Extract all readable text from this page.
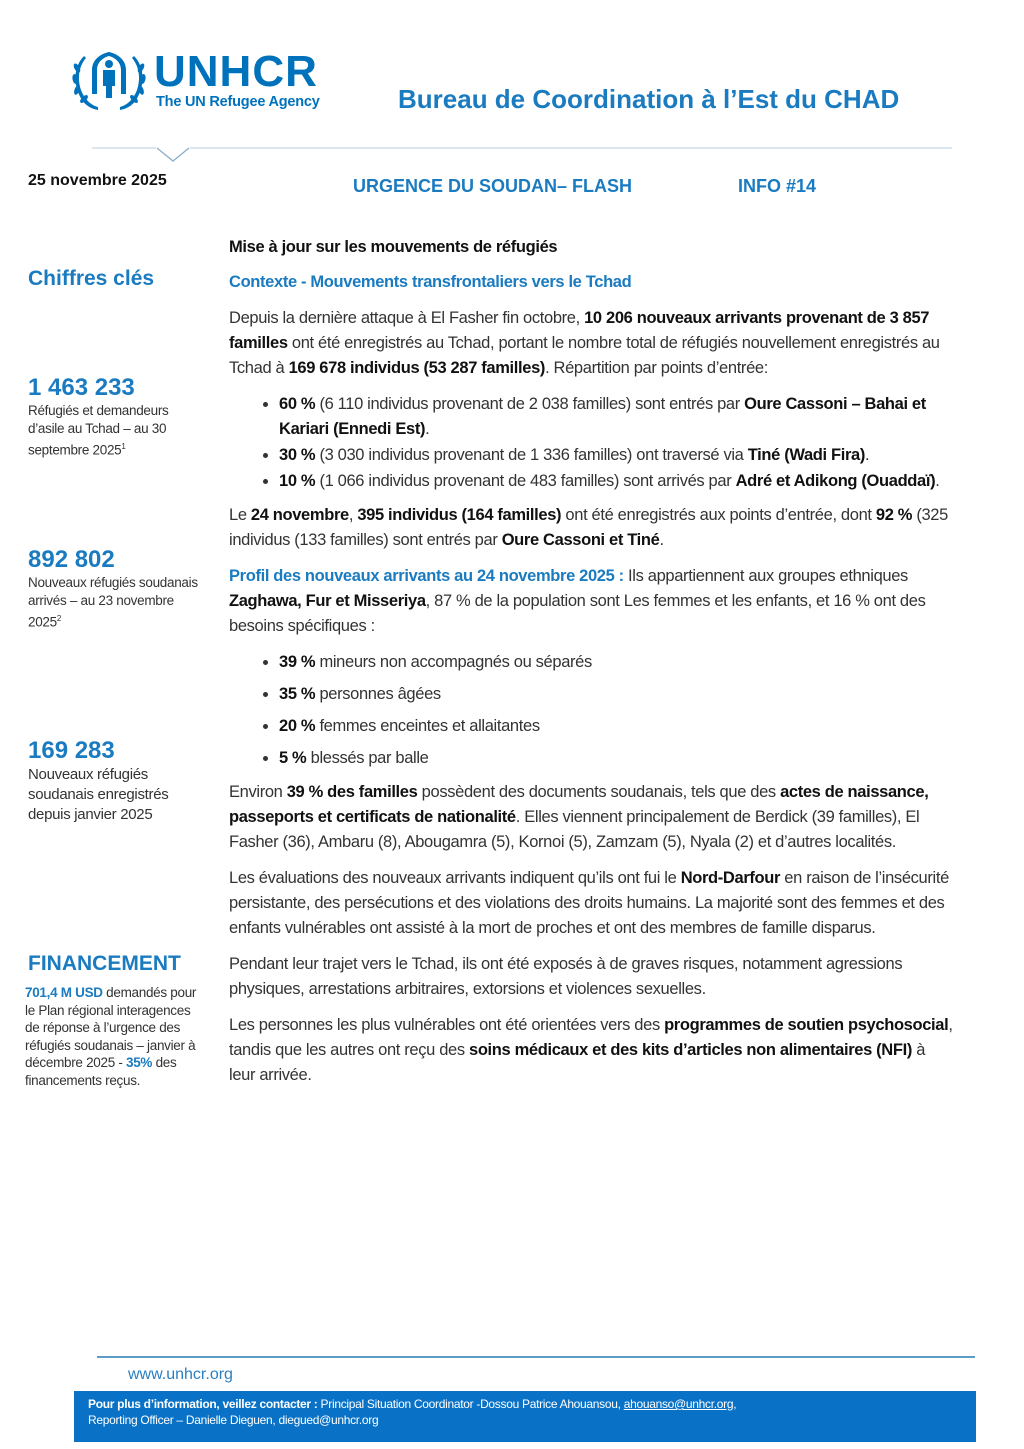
UNHCR
The UN Refugee Agency	Bureau de Coordination à l’Est du CHAD
25 novembre 2025	URGENCE DU SOUDAN– FLASH	INFO #14
Chiffres clés
1 463 233
Réfugiés et demandeurs d’asile au Tchad – au 30 septembre 2025$^1$
892 802
Nouveaux réfugiés soudanais arrivés – au 23 novembre 2025$^2$
169 283
Nouveaux réfugiés soudanais enregistrés depuis janvier 2025
FINANCEMENT
701,4 M USD demandés pour le Plan régional interagences de réponse à l’urgence des réfugiés soudanais – janvier à décembre 2025 - 35% des financements reçus.

Mise à jour sur les mouvements de réfugiés

Contexte - Mouvements transfrontaliers vers le Tchad

Depuis la dernière attaque à El Fasher fin octobre, 10 206 nouveaux arrivants provenant de 3 857 familles ont été enregistrés au Tchad, portant le nombre total de réfugiés nouvellement enregistrés au Tchad à 169 678 individus (53 287 familles). Répartition par points d’entrée:

• 60 % (6 110 individus provenant de 2 038 familles) sont entrés par Oure Cassoni – Bahai et Kariari (Ennedi Est).
• 30 % (3 030 individus provenant de 1 336 familles) ont traversé via Tiné (Wadi Fira).
• 10 % (1 066 individus provenant de 483 familles) sont arrivés par Adré et Adikong (Ouaddaï).

Le 24 novembre, 395 individus (164 familles) ont été enregistrés aux points d’entrée, dont 92 % (325 individus (133 familles) sont entrés par Oure Cassoni et Tiné.

Profil des nouveaux arrivants au 24 novembre 2025 : Ils appartiennent aux groupes ethniques Zaghawa, Fur et Misseriya, 87 % de la population sont Les femmes et les enfants, et 16 % ont des besoins spécifiques :

• 39 % mineurs non accompagnés ou séparés
• 35 % personnes âgées
• 20 % femmes enceintes et allaitantes
• 5 % blessés par balle

Environ 39 % des familles possèdent des documents soudanais, tels que des actes de naissance, passeports et certificats de nationalité. Elles viennent principalement de Berdick (39 familles), El Fasher (36), Ambaru (8), Abougamra (5), Kornoi (5), Zamzam (5), Nyala (2) et d’autres localités.

Les évaluations des nouveaux arrivants indiquent qu’ils ont fui le Nord-Darfour en raison de l’insécurité persistante, des persécutions et des violations des droits humains. La majorité sont des femmes et des enfants vulnérables ont assisté à la mort de proches et ont des membres de famille disparus.

Pendant leur trajet vers le Tchad, ils ont été exposés à de graves risques, notamment agressions physiques, arrestations arbitraires, extorsions et violences sexuelles.

Les personnes les plus vulnérables ont été orientées vers des programmes de soutien psychosocial, tandis que les autres ont reçu des soins médicaux et des kits d’articles non alimentaires (NFI) à leur arrivée.

www.unhcr.org
Pour plus d’information, veillez contacter : Principal Situation Coordinator -Dossou Patrice Ahouansou, ahouanso@unhcr.org,
Reporting Officer – Danielle Dieguen, diegued@unhcr.org
